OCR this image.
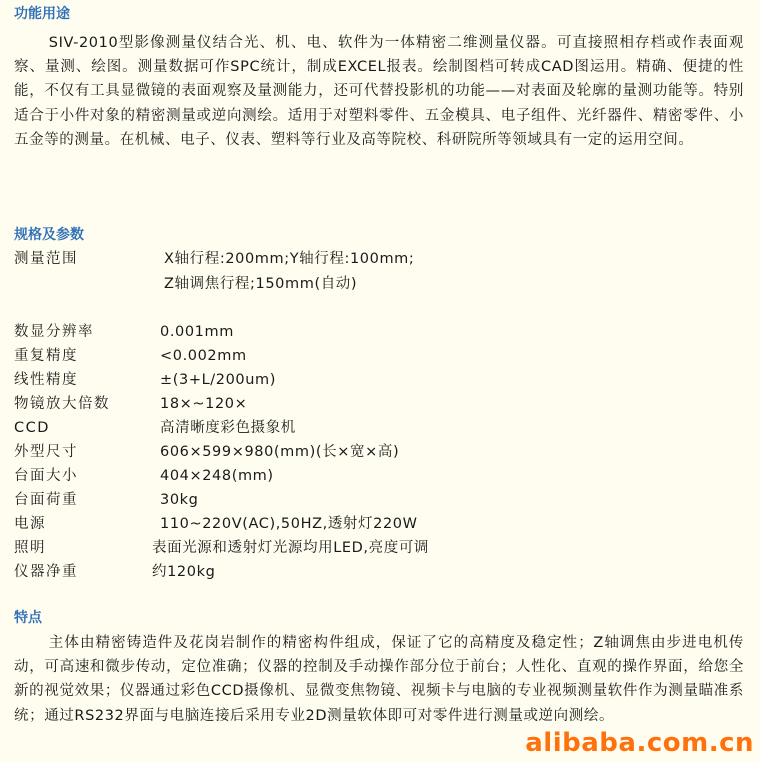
功能用途

SIV-2010型影像测量仪结合光、机、电、软件为一体精密二维测量仪器。可直接照相存档或作表面观察、量测、绘图。测量数据可作SPC统计，制成EXCEL报表。绘制图档可转成CAD图运用。精确、便捷的性能，不仅有工具显微镜的表面观察及量测能力，还可代替投影机的功能——对表面及轮廓的量测功能等。特别适合于小件对象的精密测量或逆向测绘。适用于对塑料零件、五金模具、电子组件、光纤器件、精密零件、小五金等的测量。在机械、电子、仪表、塑料等行业及高等院校、科研院所等领域具有一定的运用空间。

规格及参数
测量范围	X轴行程:200mm;Y轴行程:100mm;
Z轴调焦行程;150mm(自动)
数显分辨率	0.001mm
重复精度	<0.002mm
线性精度	±(3+L/200um)
物镜放大倍数	18×~120×
CCD	高清晰度彩色摄象机
外型尺寸	606×599×980(mm)(长×宽×高)
台面大小	404×248(mm)
台面荷重	30kg
电源	110~220V(AC),50HZ,透射灯220W
照明	表面光源和透射灯光源均用LED,亮度可调
仪器净重	约120kg
特点

主体由精密铸造件及花岗岩制作的精密构件组成，保证了它的高精度及稳定性；Z轴调焦由步进电机传动，可高速和微步传动，定位准确；仪器的控制及手动操作部分位于前台；人性化、直观的操作界面，给您全新的视觉效果；仪器通过彩色CCD摄像机、显微变焦物镜、视频卡与电脑的专业视频测量软件作为测量瞄准系统；通过RS232界面与电脑连接后采用专业2D测量软体即可对零件进行测量或逆向测绘。

alibaba.com.cn
